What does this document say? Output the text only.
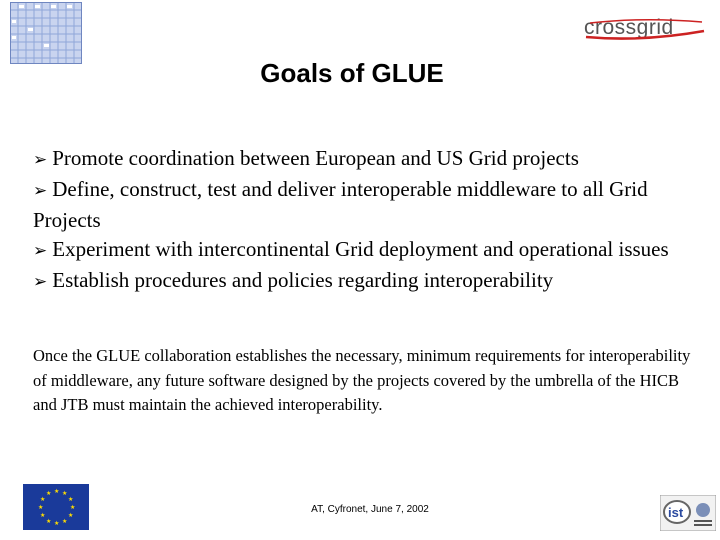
crossgrid
Goals of GLUE

➢ Promote coordination between European and US Grid projects

➢ Define, construct, test and deliver interoperable middleware to all Grid Projects

➢ Experiment with intercontinental Grid deployment and operational issues

➢ Establish procedures and policies regarding interoperability

Once the GLUE collaboration establishes the necessary, minimum requirements for interoperability of middleware, any future software designed by the projects covered by the umbrella of the HICB and JTB must maintain the achieved interoperability.
★ ★
★
★
★
★
★
★
★
★
★
★
AT, Cyfronet, June 7, 2002	ist
